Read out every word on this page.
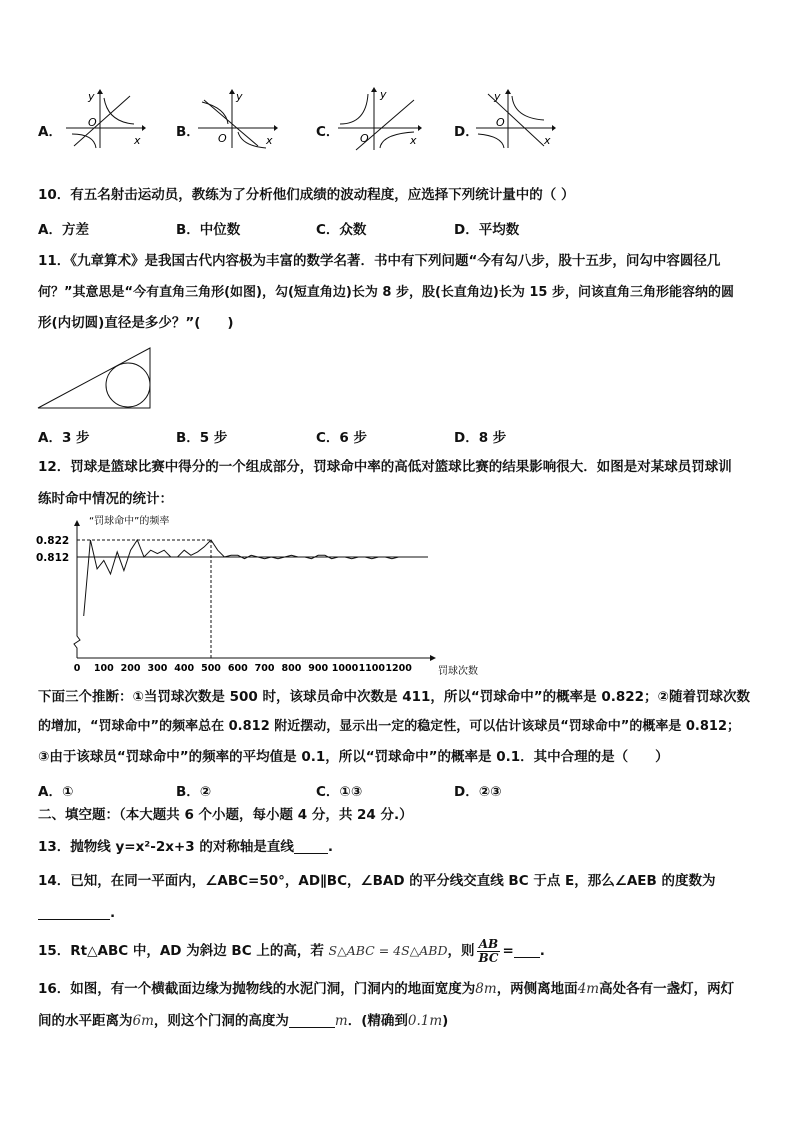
A．
y
x
O
B．
y
x
O	C．
y
x
O	D．
y
x
O
10．有五名射击运动员，教练为了分析他们成绩的波动程度，应选择下列统计量中的（ ）
A．方差	B．中位数	C．众数	D．平均数
11．《九章算术》是我国古代内容极为丰富的数学名著．书中有下列问题“今有勾八步，股十五步，问勾中容圆径几
何？”其意思是“今有直角三角形(如图)，勾(短直角边)长为 8 步，股(长直角边)长为 15 步，问该直角三角形能容纳的圆
形(内切圆)直径是多少？”(　　)
A．3 步	B．5 步	C．6 步	D．8 步
12．罚球是篮球比赛中得分的一个组成部分，罚球命中率的高低对篮球比赛的结果影响很大．如图是对某球员罚球训
练时命中情况的统计：
“罚球命中”的频率
罚球次数
0.822
0.812
0 100 200 300 400 500 600 700 800 900 1000 1100 1200
下面三个推断：①当罚球次数是 500 时，该球员命中次数是 411，所以“罚球命中”的概率是 0.822；②随着罚球次数
的增加，“罚球命中”的频率总在 0.812 附近摆动，显示出一定的稳定性，可以估计该球员“罚球命中”的概率是 0.812；
③由于该球员“罚球命中”的频率的平均值是 0.1，所以“罚球命中”的概率是 0.1．其中合理的是（　　）
A．①	B．②	C．①③	D．②③
二、填空题：（本大题共 6 个小题，每小题 4 分，共 24 分.）
13．抛物线 y=x²-2x+3 的对称轴是直线	.
14．已知，在同一平面内，∠ABC=50°，AD∥BC，∠BAD 的平分线交直线 BC 于点 E，那么∠AEB 的度数为
.
15．Rt△ABC 中，AD 为斜边 BC 上的高，若 S△ABC = 4S△ABD，则 $\frac{AB}{BC}$ = .
16．如图，有一个横截面边缘为抛物线的水泥门洞，门洞内的地面宽度为8m，两侧离地面4m高处各有一盏灯，两灯
间的水平距离为6m，则这个门洞的高度为	m．(精确到0.1m)
